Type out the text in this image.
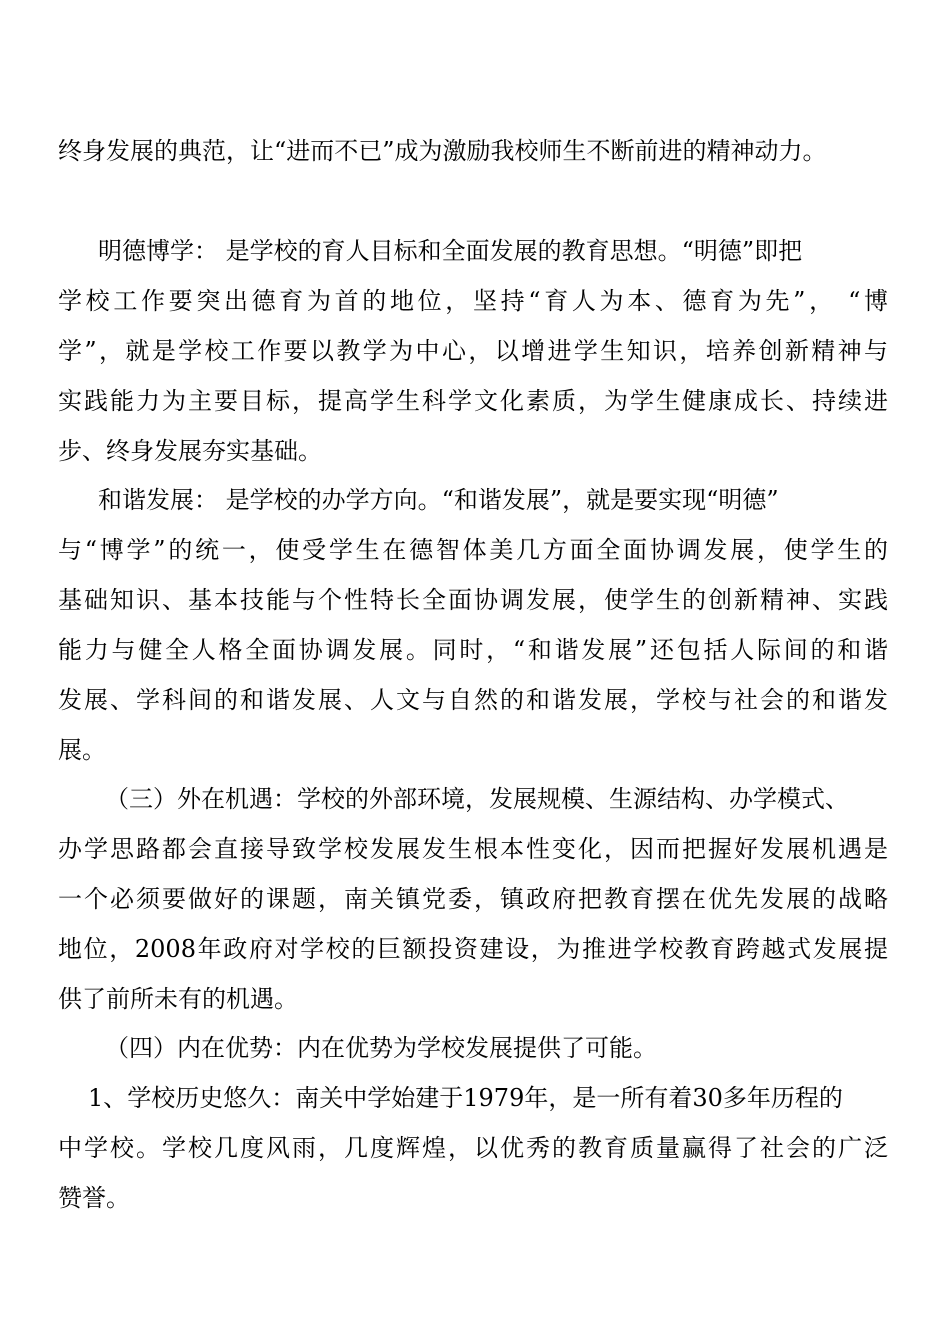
终身发展的典范，让“进而不已”成为激励我校师生不断前进的精神动力。
明德博学： 是学校的育人目标和全面发展的教育思想。“明德”即把
学校工作要突出德育为首的地位，坚持“育人为本、德育为先”， “博
学”，就是学校工作要以教学为中心，以增进学生知识，培养创新精神与
实践能力为主要目标，提高学生科学文化素质，为学生健康成长、持续进
步、终身发展夯实基础。
和谐发展： 是学校的办学方向。“和谐发展”，就是要实现“明德”
与“博学”的统一，使受学生在德智体美几方面全面协调发展，使学生的
基础知识、基本技能与个性特长全面协调发展，使学生的创新精神、实践
能力与健全人格全面协调发展。同时，“和谐发展”还包括人际间的和谐
发展、学科间的和谐发展、人文与自然的和谐发展，学校与社会的和谐发
展。
（三）外在机遇：学校的外部环境，发展规模、生源结构、办学模式、
办学思路都会直接导致学校发展发生根本性变化，因而把握好发展机遇是
一个必须要做好的课题，南关镇党委，镇政府把教育摆在优先发展的战略
地位，2008年政府对学校的巨额投资建设，为推进学校教育跨越式发展提
供了前所未有的机遇。
（四）内在优势：内在优势为学校发展提供了可能。
1、学校历史悠久：南关中学始建于1979年，是一所有着30多年历程的
中学校。学校几度风雨，几度辉煌，以优秀的教育质量赢得了社会的广泛
赞誉。
